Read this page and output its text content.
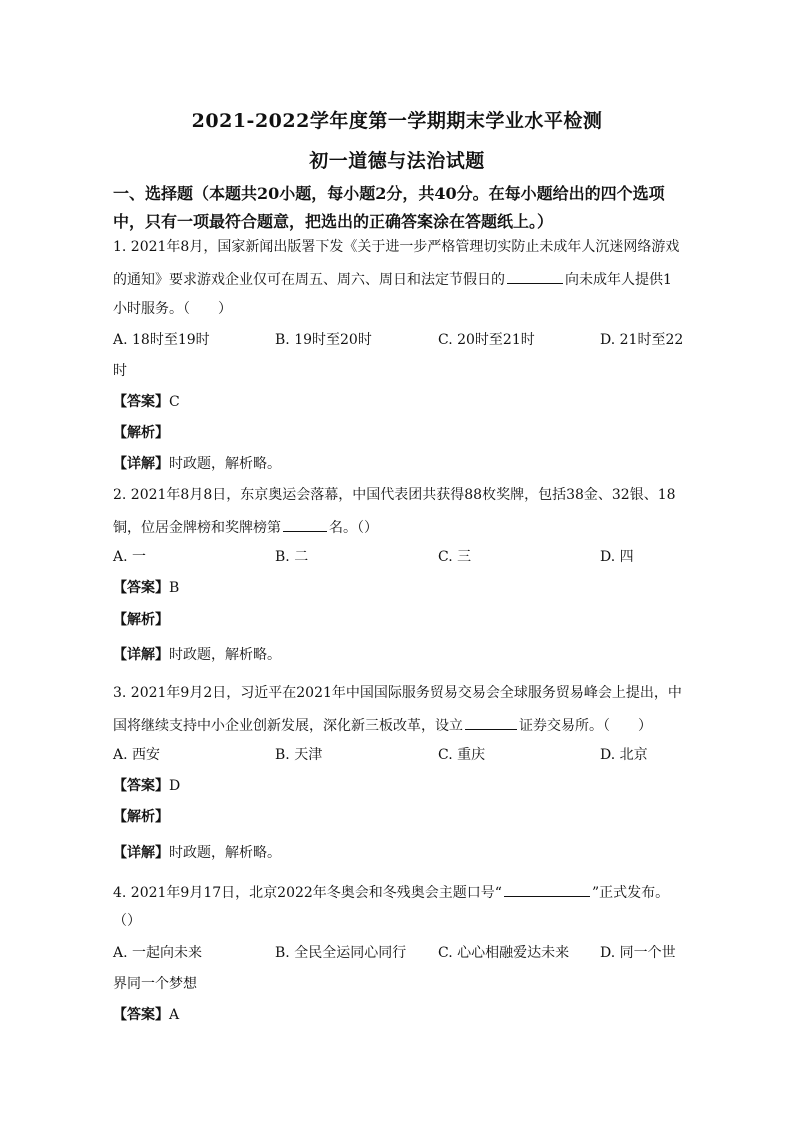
2021-2022学年度第一学期期末学业水平检测
初一道德与法治试题
一、选择题（本题共20小题，每小题2分，共40分。在每小题给出的四个选项
中，只有一项最符合题意，把选出的正确答案涂在答题纸上。）
1. 2021年8月，国家新闻出版署下发《关于进一步严格管理切实防止未成年人沉迷网络游戏
的通知》要求游戏企业仅可在周五、周六、周日和法定节假日的	向未成年人提供1
小时服务。（　　）
A. 18时至19时	B. 19时至20时	C. 20时至21时	D. 21时至22
时
【答案】C
【解析】
【详解】时政题，解析略。
2. 2021年8月8日，东京奥运会落幕，中国代表团共获得88枚奖牌，包括38金、32银、18
铜，位居金牌榜和奖牌榜第	名。（）
A. 一	B. 二	C. 三	D. 四
【答案】B
【解析】
【详解】时政题，解析略。
3. 2021年9月2日，习近平在2021年中国国际服务贸易交易会全球服务贸易峰会上提出，中
国将继续支持中小企业创新发展，深化新三板改革，设立	证券交易所。（　　）
A. 西安	B. 天津	C. 重庆	D. 北京
【答案】D
【解析】
【详解】时政题，解析略。
4. 2021年9月17日，北京2022年冬奥会和冬残奥会主题口号“	”正式发布。
（）
A. 一起向未来	B. 全民全运同心同行 C. 心心相融爱达未来 D. 同一个世
界同一个梦想
【答案】A
